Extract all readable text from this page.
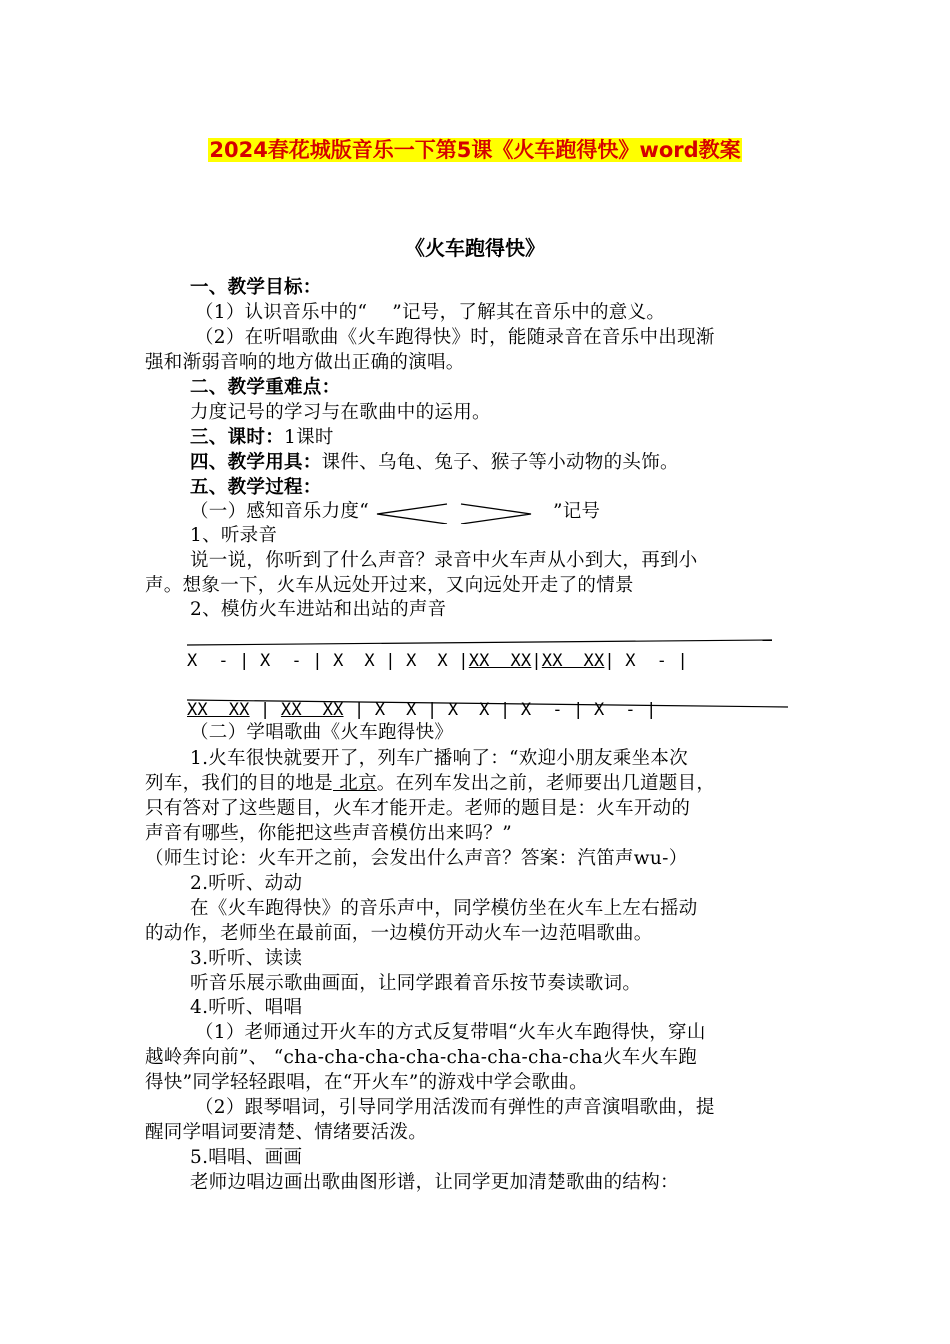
2024春花城版音乐一下第5课《火车跑得快》word教案
《火车跑得快》
一、教学目标：
（1）认识音乐中的“　 ”记号，了解其在音乐中的意义。
（2）在听唱歌曲《火车跑得快》时，能随录音在音乐中出现渐
强和渐弱音响的地方做出正确的演唱。
二、教学重难点：
力度记号的学习与在歌曲中的运用。
三、课时：1课时
四、教学用具：课件、乌龟、兔子、猴子等小动物的头饰。
五、教学过程：
（一）感知音乐力度“	”记号
1、听录音
说一说，你听到了什么声音？录音中火车声从小到大，再到小
声。想象一下，火车从远处开过来，又向远处开走了的情景
2、模仿火车进站和出站的声音
X  - | X  - | X  X | X  X |XX  XX|XX  XX| X  - |
XX  XX | XX  XX | X  X | X  X | X  - | X  - |
（二）学唱歌曲《火车跑得快》
1.火车很快就要开了，列车广播响了：“欢迎小朋友乘坐本次
列车，我们的目的地是 北京。在列车发出之前，老师要出几道题目，
只有答对了这些题目，火车才能开走。老师的题目是：火车开动的
声音有哪些，你能把这些声音模仿出来吗？”
（师生讨论：火车开之前，会发出什么声音？答案：汽笛声wu-）
2.听听、动动
在《火车跑得快》的音乐声中，同学模仿坐在火车上左右摇动
的动作，老师坐在最前面，一边模仿开动火车一边范唱歌曲。
3.听听、读读
听音乐展示歌曲画面，让同学跟着音乐按节奏读歌词。
4.听听、唱唱
（1）老师通过开火车的方式反复带唱“火车火车跑得快，穿山
越岭奔向前”、 “cha-cha-cha-cha-cha-cha-cha-cha火车火车跑
得快”同学轻轻跟唱，在“开火车”的游戏中学会歌曲。
（2）跟琴唱词，引导同学用活泼而有弹性的声音演唱歌曲，提
醒同学唱词要清楚、情绪要活泼。
5.唱唱、画画
老师边唱边画出歌曲图形谱，让同学更加清楚歌曲的结构：
